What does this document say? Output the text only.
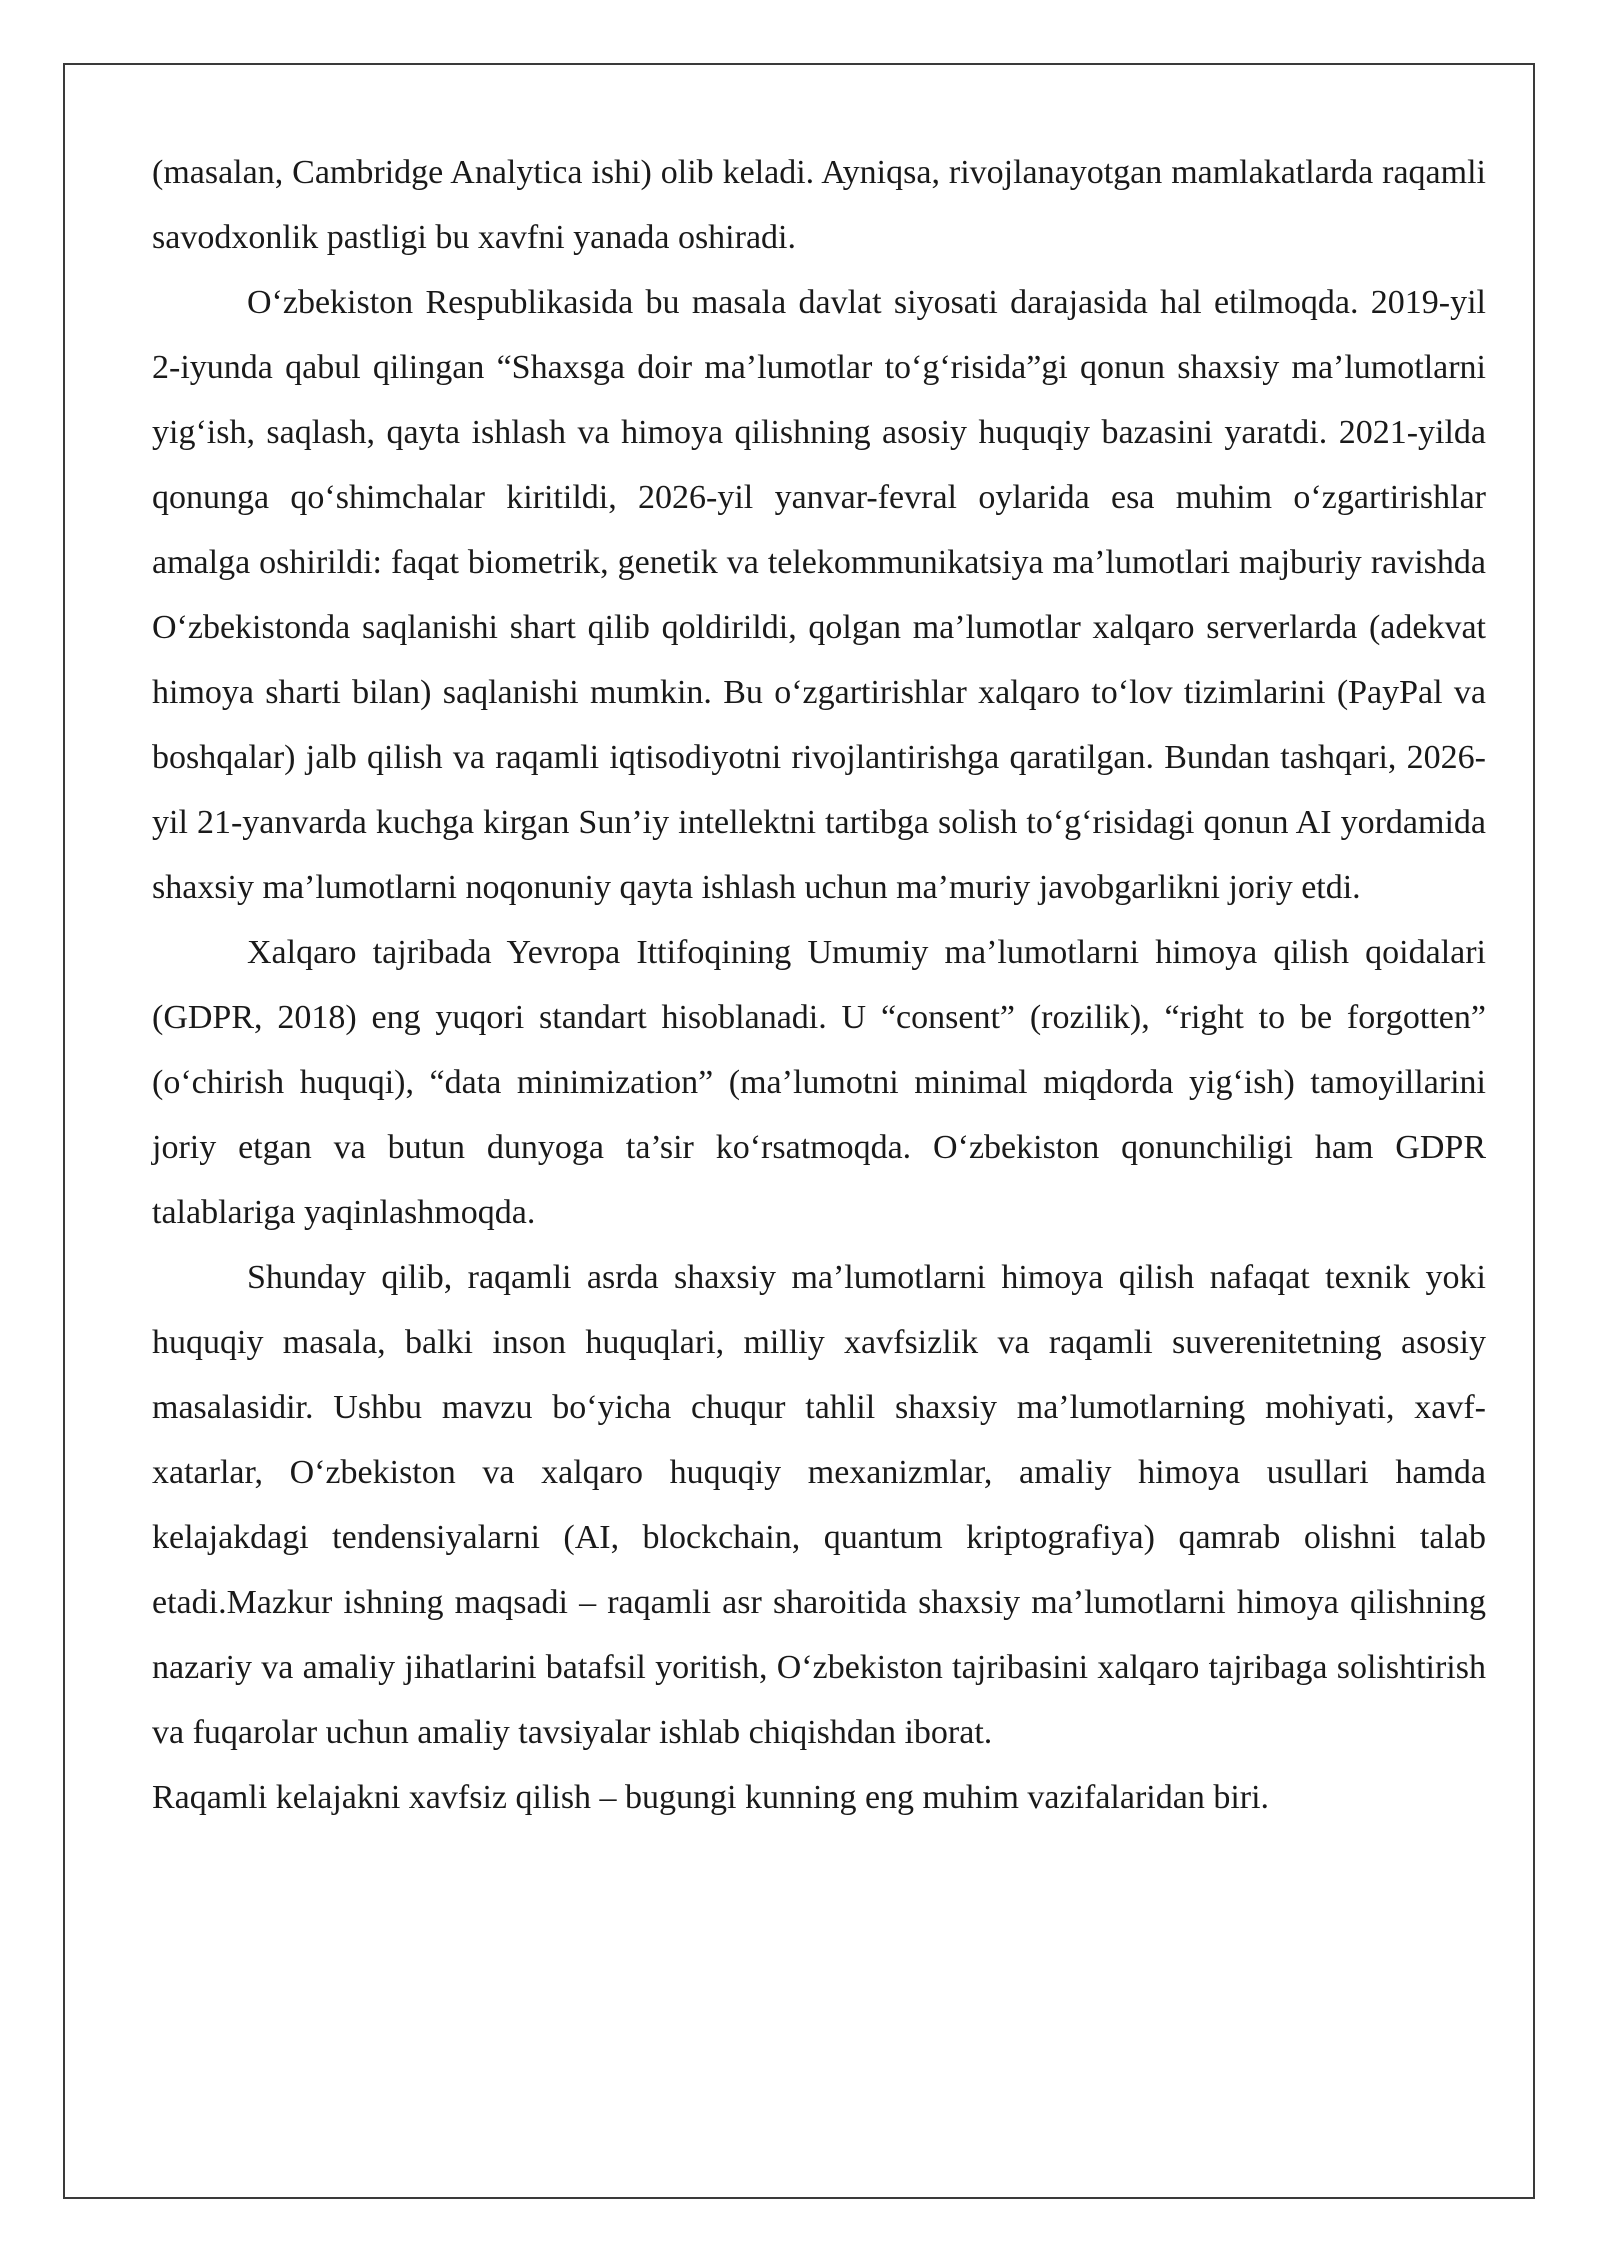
(masalan, Cambridge Analytica ishi) olib keladi. Ayniqsa, rivojlanayotgan mamlakatlarda raqamli savodxonlik pastligi bu xavfni yanada oshiradi.

O‘zbekiston Respublikasida bu masala davlat siyosati darajasida hal etilmoqda. 2019-yil 2-iyunda qabul qilingan “Shaxsga doir ma’lumotlar to‘g‘risida”gi qonun shaxsiy ma’lumotlarni yig‘ish, saqlash, qayta ishlash va himoya qilishning asosiy huquqiy bazasini yaratdi. 2021-yilda qonunga qo‘shimchalar kiritildi, 2026-yil yanvar-fevral oylarida esa muhim o‘zgartirishlar amalga oshirildi: faqat biometrik, genetik va telekommunikatsiya ma’lumotlari majburiy ravishda O‘zbekistonda saqlanishi shart qilib qoldirildi, qolgan ma’lumotlar xalqaro serverlarda (adekvat himoya sharti bilan) saqlanishi mumkin. Bu o‘zgartirishlar xalqaro to‘lov tizimlarini (PayPal va boshqalar) jalb qilish va raqamli iqtisodiyotni rivojlantirishga qaratilgan. Bundan tashqari, 2026-yil 21-yanvarda kuchga kirgan Sun’iy intellektni tartibga solish to‘g‘risidagi qonun AI yordamida shaxsiy ma’lumotlarni noqonuniy qayta ishlash uchun ma’muriy javobgarlikni joriy etdi.

Xalqaro tajribada Yevropa Ittifoqining Umumiy ma’lumotlarni himoya qilish qoidalari (GDPR, 2018) eng yuqori standart hisoblanadi. U “consent” (rozilik), “right to be forgotten” (o‘chirish huquqi), “data minimization” (ma’lumotni minimal miqdorda yig‘ish) tamoyillarini joriy etgan va butun dunyoga ta’sir ko‘rsatmoqda. O‘zbekiston qonunchiligi ham GDPR talablariga yaqinlashmoqda.

Shunday qilib, raqamli asrda shaxsiy ma’lumotlarni himoya qilish nafaqat texnik yoki huquqiy masala, balki inson huquqlari, milliy xavfsizlik va raqamli suverenitetning asosiy masalasidir. Ushbu mavzu bo‘yicha chuqur tahlil shaxsiy ma’lumotlarning mohiyati, xavf-xatarlar, O‘zbekiston va xalqaro huquqiy mexanizmlar, amaliy himoya usullari hamda kelajakdagi tendensiyalarni (AI, blockchain, quantum kriptografiya) qamrab olishni talab etadi.Mazkur ishning maqsadi – raqamli asr sharoitida shaxsiy ma’lumotlarni himoya qilishning nazariy va amaliy jihatlarini batafsil yoritish, O‘zbekiston tajribasini xalqaro tajribaga solishtirish va fuqarolar uchun amaliy tavsiyalar ishlab chiqishdan iborat.

Raqamli kelajakni xavfsiz qilish – bugungi kunning eng muhim vazifalaridan biri.
